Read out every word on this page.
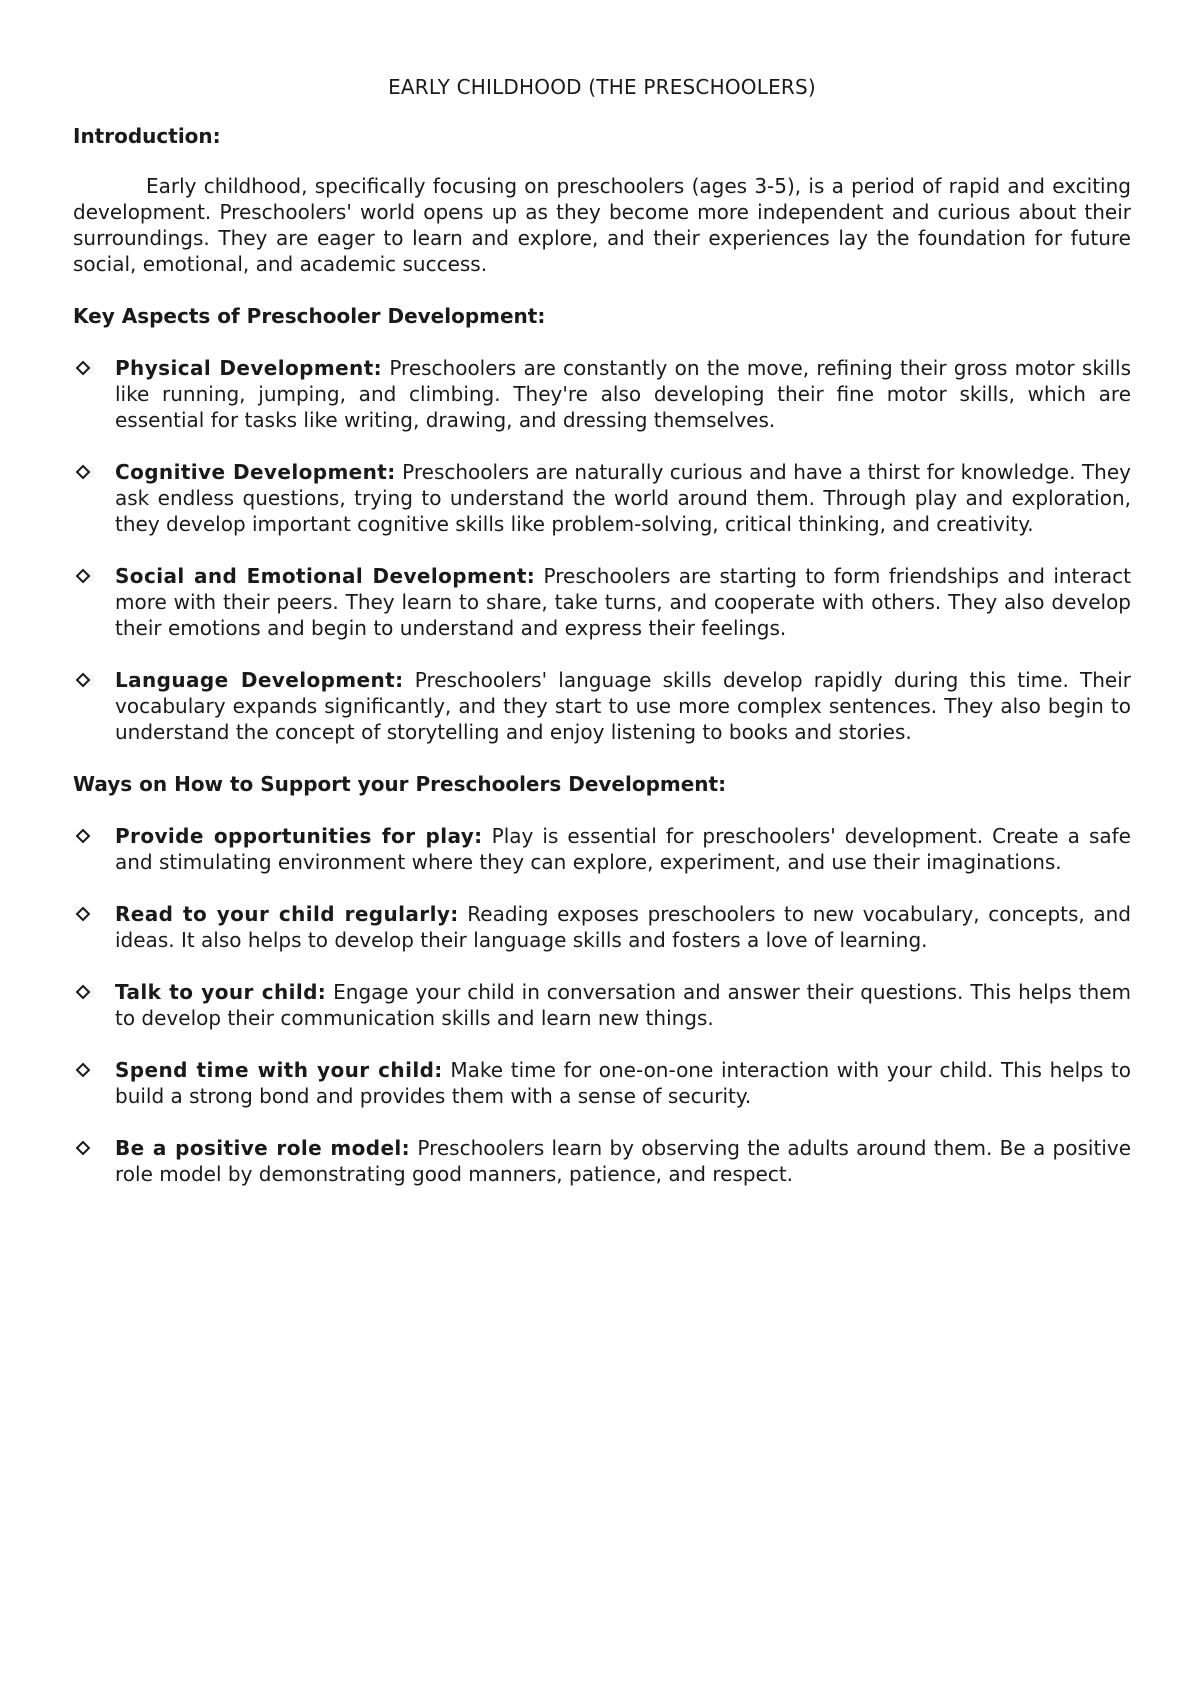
EARLY CHILDHOOD (THE PRESCHOOLERS)

Introduction:

Early childhood, specifically focusing on preschoolers (ages 3-5), is a period of rapid and exciting development. Preschoolers' world opens up as they become more independent and curious about their surroundings. They are eager to learn and explore, and their experiences lay the foundation for future social, emotional, and academic success.

Key Aspects of Preschooler Development:

Physical Development: Preschoolers are constantly on the move, refining their gross motor skills like running, jumping, and climbing. They're also developing their fine motor skills, which are essential for tasks like writing, drawing, and dressing themselves.
Cognitive Development: Preschoolers are naturally curious and have a thirst for knowledge. They ask endless questions, trying to understand the world around them. Through play and exploration, they develop important cognitive skills like problem-solving, critical thinking, and creativity.
Social and Emotional Development: Preschoolers are starting to form friendships and interact more with their peers. They learn to share, take turns, and cooperate with others. They also develop their emotions and begin to understand and express their feelings.
Language Development: Preschoolers' language skills develop rapidly during this time. Their vocabulary expands significantly, and they start to use more complex sentences. They also begin to understand the concept of storytelling and enjoy listening to books and stories.

Ways on How to Support your Preschoolers Development:

Provide opportunities for play: Play is essential for preschoolers' development. Create a safe and stimulating environment where they can explore, experiment, and use their imaginations.
Read to your child regularly: Reading exposes preschoolers to new vocabulary, concepts, and ideas. It also helps to develop their language skills and fosters a love of learning.
Talk to your child: Engage your child in conversation and answer their questions. This helps them to develop their communication skills and learn new things.
Spend time with your child: Make time for one-on-one interaction with your child. This helps to build a strong bond and provides them with a sense of security.
Be a positive role model: Preschoolers learn by observing the adults around them. Be a positive role model by demonstrating good manners, patience, and respect.
